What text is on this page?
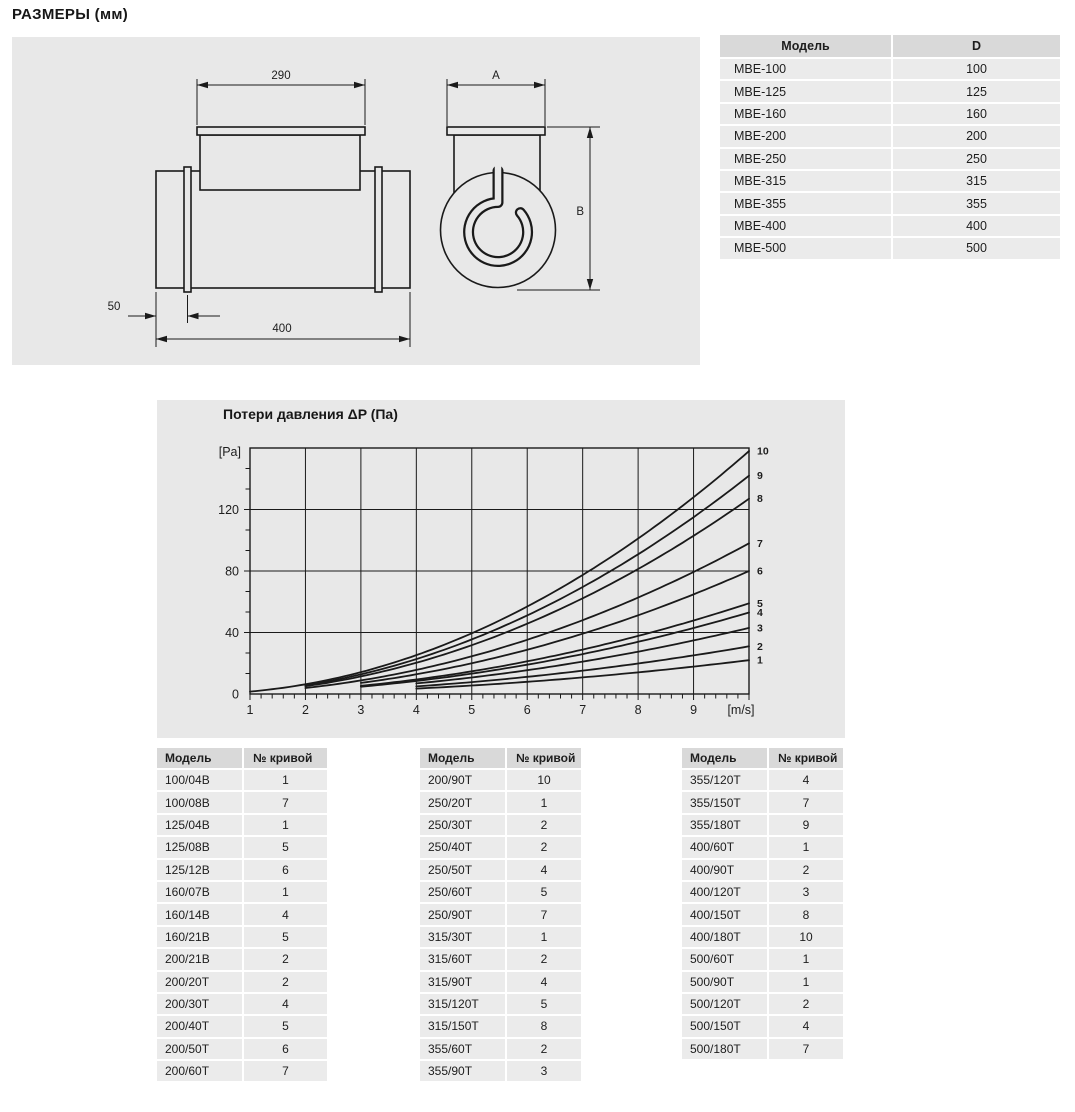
РАЗМЕРЫ (мм)
290
50
400
A
B
Модель	D
MBE-100	100
MBE-125	125
MBE-160	160
MBE-200	200
MBE-250	250
MBE-315	315
MBE-355	355
MBE-400	400
MBE-500	500
Потери давления ΔP (Па)
1	2	3	4	5	6	7	8	9
0
40
80
120
[Pa]
[m/s]
1
2
3
4
5
6
7
8
9
10
Модель	№ кривой
100/04B	1
100/08B	7
125/04B	1
125/08B	5
125/12B	6
160/07B	1
160/14B	4
160/21B	5
200/21B	2
200/20T	2
200/30T	4
200/40T	5
200/50T	6
200/60T	7
Модель	№ кривой
200/90T	10
250/20T	1
250/30T	2
250/40T	2
250/50T	4
250/60T	5
250/90T	7
315/30T	1
315/60T	2
315/90T	4
315/120T	5
315/150T	8
355/60T	2
355/90T	3
Модель	№ кривой
355/120T	4
355/150T	7
355/180T	9
400/60T	1
400/90T	2
400/120T	3
400/150T	8
400/180T	10
500/60T	1
500/90T	1
500/120T	2
500/150T	4
500/180T	7
